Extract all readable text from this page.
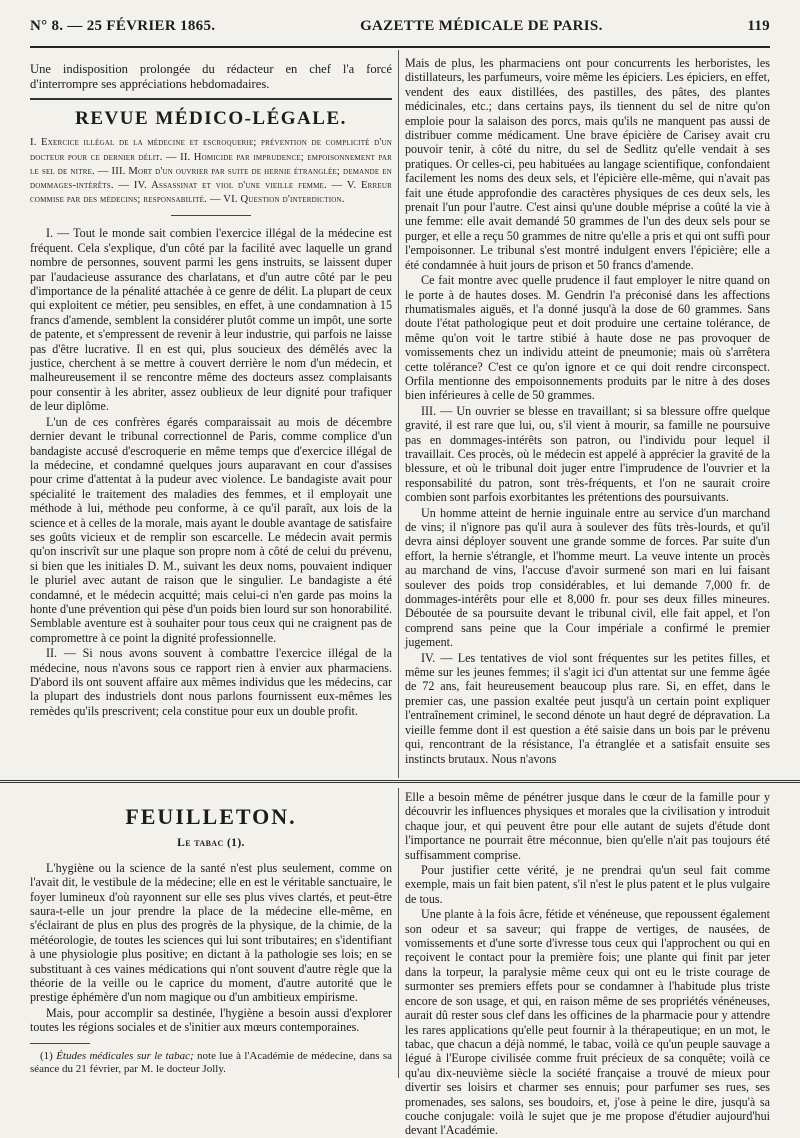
N° 8. — 25 FÉVRIER 1865.	GAZETTE MÉDICALE DE PARIS.	119

Une indisposition prolongée du rédacteur en chef l'a forcé d'interrompre ses appréciations hebdomadaires.

REVUE MÉDICO-LÉGALE.

I. Exercice illégal de la médecine et escroquerie; prévention de complicité d'un docteur pour ce dernier délit. — II. Homicide par imprudence; empoisonnement par le sel de nitre. — III. Mort d'un ouvrier par suite de hernie étranglée; demande en dommages-intérêts. — IV. Assassinat et viol d'une vieille femme. — V. Erreur commise par des médecins; responsabilité. — VI. Question d'interdiction.

I. — Tout le monde sait combien l'exercice illégal de la médecine est fréquent. Cela s'explique, d'un côté par la facilité avec laquelle un grand nombre de personnes, souvent parmi les gens instruits, se laissent duper par l'audacieuse assurance des charlatans, et d'un autre côté par le peu d'importance de la pénalité attachée à ce genre de délit. La plupart de ceux qui exploitent ce métier, peu sensibles, en effet, à une condamnation à 15 francs d'amende, semblent la considérer plutôt comme un impôt, une sorte de patente, et s'empressent de revenir à leur industrie, qui parfois ne laisse pas d'être lucrative. Il en est qui, plus soucieux des démêlés avec la justice, cherchent à se mettre à couvert derrière le nom d'un médecin, et malheureusement il se rencontre même des docteurs assez complaisants pour consentir à les abriter, assez oublieux de leur dignité pour trafiquer de leur diplôme.

L'un de ces confrères égarés comparaissait au mois de décembre dernier devant le tribunal correctionnel de Paris, comme complice d'un bandagiste accusé d'escroquerie en même temps que d'exercice illégal de la médecine, et condamné quelques jours auparavant en cour d'assises pour crime d'attentat à la pudeur avec violence. Le bandagiste avait pour spécialité le traitement des maladies des femmes, et il employait une méthode à lui, méthode peu conforme, à ce qu'il paraît, aux lois de la science et à celles de la morale, mais ayant le double avantage de satisfaire ses goûts vicieux et de remplir son escarcelle. Le médecin avait permis qu'on inscrivît sur une plaque son propre nom à côté de celui du prévenu, si bien que les initiales D. M., suivant les deux noms, pouvaient indiquer le pluriel avec autant de raison que le singulier. Le bandagiste a été condamné, et le médecin acquitté; mais celui-ci n'en garde pas moins la honte d'une prévention qui pèse d'un poids bien lourd sur son honorabilité. Semblable aventure est à souhaiter pour tous ceux qui ne craignent pas de compromettre à ce point la dignité professionnelle.

II. — Si nous avons souvent à combattre l'exercice illégal de la médecine, nous n'avons sous ce rapport rien à envier aux pharmaciens. D'abord ils ont souvent affaire aux mêmes individus que les médecins, car la plupart des industriels dont nous parlons fournissent eux-mêmes les remèdes qu'ils prescrivent; cela constitue pour eux un double profit.

Mais de plus, les pharmaciens ont pour concurrents les herboristes, les distillateurs, les parfumeurs, voire même les épiciers. Les épiciers, en effet, vendent des eaux distillées, des pastilles, des pâtes, des plantes médicinales, etc.; dans certains pays, ils tiennent du sel de nitre qu'on emploie pour la salaison des porcs, mais qu'ils ne manquent pas aussi de distribuer comme médicament. Une brave épicière de Carisey avait cru pouvoir tenir, à côté du nitre, du sel de Sedlitz qu'elle vendait à ses pratiques. Or celles-ci, peu habituées au langage scientifique, confondaient facilement les noms des deux sels, et l'épicière elle-même, qui n'avait pas fait une étude approfondie des caractères physiques de ces deux sels, les prenait l'un pour l'autre. C'est ainsi qu'une double méprise a coûté la vie à une femme: elle avait demandé 50 grammes de l'un des deux sels pour se purger, et elle a reçu 50 grammes de nitre qu'elle a pris et qui ont suffi pour l'empoisonner. Le tribunal s'est montré indulgent envers l'épicière; elle a été condamnée à huit jours de prison et 50 francs d'amende.

Ce fait montre avec quelle prudence il faut employer le nitre quand on le porte à de hautes doses. M. Gendrin l'a préconisé dans les affections rhumatismales aiguës, et l'a donné jusqu'à la dose de 60 grammes. Sans doute l'état pathologique peut et doit produire une certaine tolérance, de même qu'on voit le tartre stibié à haute dose ne pas provoquer de vomissements chez un individu atteint de pneumonie; mais où s'arrêtera cette tolérance? C'est ce qu'on ignore et ce qui doit rendre circonspect. Orfila mentionne des empoisonnements produits par le nitre à des doses bien inférieures à celle de 50 grammes.

III. — Un ouvrier se blesse en travaillant; si sa blessure offre quelque gravité, il est rare que lui, ou, s'il vient à mourir, sa famille ne poursuive pas en dommages-intérêts son patron, ou l'individu pour lequel il travaillait. Ces procès, où le médecin est appelé à apprécier la gravité de la blessure, et où le tribunal doit juger entre l'imprudence de l'ouvrier et la responsabilité du patron, sont très-fréquents, et l'on ne saurait croire combien sont parfois exorbitantes les prétentions des poursuivants.

Un homme atteint de hernie inguinale entre au service d'un marchand de vins; il n'ignore pas qu'il aura à soulever des fûts très-lourds, et qu'il devra ainsi déployer souvent une grande somme de forces. Par suite d'un effort, la hernie s'étrangle, et l'homme meurt. La veuve intente un procès au marchand de vins, l'accuse d'avoir surmené son mari en lui faisant soulever des poids trop considérables, et lui demande 7,000 fr. de dommages-intérêts pour elle et 8,000 fr. pour ses deux filles mineures. Déboutée de sa poursuite devant le tribunal civil, elle fait appel, et l'on comprend sans peine que la Cour impériale a confirmé le premier jugement.

IV. — Les tentatives de viol sont fréquentes sur les petites filles, et même sur les jeunes femmes; il s'agit ici d'un attentat sur une femme âgée de 72 ans, fait heureusement beaucoup plus rare. Si, en effet, dans le premier cas, une passion exaltée peut jusqu'à un certain point expliquer l'entraînement criminel, le second dénote un haut degré de dépravation. La vieille femme dont il est question a été saisie dans un bois par le prévenu qui, rencontrant de la résistance, l'a étranglée et a satisfait ensuite ses instincts brutaux. Nous n'avons

FEUILLETON.

Le tabac (1).

L'hygiène ou la science de la santé n'est plus seulement, comme on l'avait dit, le vestibule de la médecine; elle en est le véritable sanctuaire, le foyer lumineux d'où rayonnent sur elle ses plus vives clartés, et peut-être saura-t-elle un jour prendre la place de la médecine elle-même, en s'éclairant de plus en plus des progrès de la physique, de la chimie, de la météorologie, de toutes les sciences qui lui sont tributaires; en s'identifiant à une physiologie plus positive; en dictant à la pathologie ses lois; en se substituant à ces vaines médications qui n'ont souvent d'autre règle que la théorie de la veille ou le caprice du moment, d'autre autorité que le prestige éphémère d'un nom magique ou d'un ambitieux empirisme.

Mais, pour accomplir sa destinée, l'hygiène a besoin aussi d'explorer toutes les régions sociales et de s'initier aux mœurs contemporaines.

(1) Études médicales sur le tabac; note lue à l'Académie de médecine, dans sa séance du 21 février, par M. le docteur Jolly.

Elle a besoin même de pénétrer jusque dans le cœur de la famille pour y découvrir les influences physiques et morales que la civilisation y introduit chaque jour, et qui peuvent être pour elle autant de sujets d'étude dont l'importance ne pourrait être méconnue, bien qu'elle n'ait pas toujours été suffisamment comprise.

Pour justifier cette vérité, je ne prendrai qu'un seul fait comme exemple, mais un fait bien patent, s'il n'est le plus patent et le plus vulgaire de tous.

Une plante à la fois âcre, fétide et vénéneuse, que repoussent également son odeur et sa saveur; qui frappe de vertiges, de nausées, de vomissements et d'une sorte d'ivresse tous ceux qui l'approchent ou qui en reçoivent le contact pour la première fois; une plante qui finit par jeter dans la torpeur, la paralysie même ceux qui ont eu le triste courage de surmonter ses premiers effets pour se condamner à l'habitude plus triste encore de son usage, et qui, en raison même de ses propriétés vénéneuses, aurait dû rester sous clef dans les officines de la pharmacie pour y attendre les rares applications qu'elle peut fournir à la thérapeutique; en un mot, le tabac, que chacun a déjà nommé, le tabac, voilà ce qu'un peuple sauvage a légué à l'Europe civilisée comme fruit précieux de sa conquête; voilà ce qu'au dix-neuvième siècle la société française a trouvé de mieux pour divertir ses loisirs et charmer ses ennuis; pour parfumer ses rues, ses promenades, ses salons, ses boudoirs, et, j'ose à peine le dire, jusqu'à sa couche conjugale: voilà le sujet que je me propose d'étudier aujourd'hui devant l'Académie.
